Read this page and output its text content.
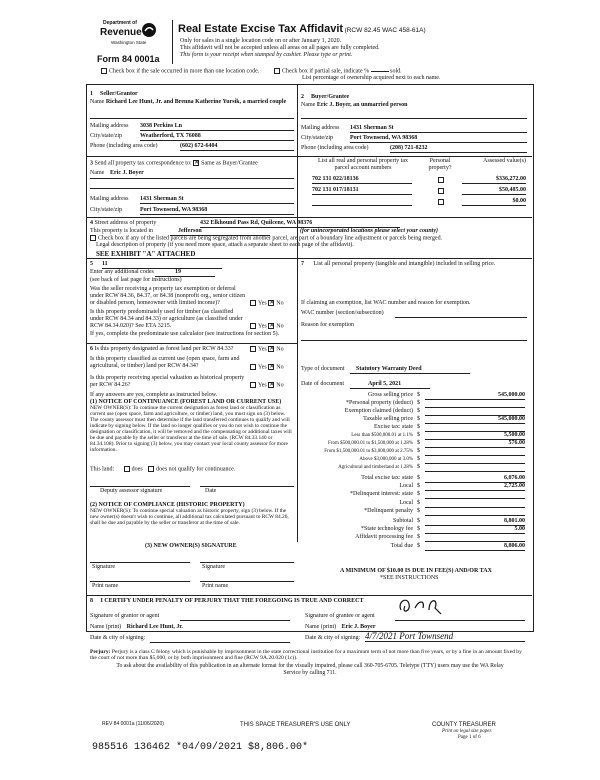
Department of
Revenue
Washington State
Form 84 0001a
Real Estate Excise Tax Affidavit (RCW 82.45 WAC 458-61A)
Only for sales in a single location code on or after January 1, 2020.
This affidavit will not be accepted unless all areas on all pages are fully completed.
This form is your receipt when stamped by cashier. Please type or print.
Check box if the sale occurred in more than one location code.	Check box if partial sale, indicate %	sold.
List percentage of ownership acquired next to each name.
1 Seller/Grantor
Name Richard Lee Hunt, Jr. and Brenna Katherine Yursik, a married couple
Mailing address 3038 Perkins Ln
City/state/zip	Weatherford, TX 76088
Phone (including area code)	(602) 672-6404
2 Buyer/Grantee
Name Eric J. Boyer, an unmarried person
Mailing address 1431 Sherman St
City/state/zip	Port Townsend, WA 98368
Phone (including area code)	(208) 721-8232
3 Send all property tax correspondence to: ✕ Same as Buyer/Grantee
Name Eric J. Boyer
Mailing address 1431 Sherman St
City/state/zip	Port Townsend, WA 98368
List all real and personal property tax parcel account numbers
Personal property?
Assessed value(s)
702 131 022/18136	$336,272.00
702 131 017/18131	$50,485.00
$0.00
4 Street address of property	432 Elkhound Pass Rd, Quilcene, WA 98376
This property is located in	Jefferson	(for unincorporated locations please select your county)
Check box if any of the listed parcels are being segregated from another parcel, are part of a boundary line adjustment or parcels being merged.
Legal description of property (if you need more space, attach a separate sheet to each page of the affidavit).
SEE EXHIBIT "A" ATTACHED
5 11
Enter any additional codes	19
(see back of last page for instructions)
Was the seller receiving a property tax exemption or deferral under RCW 84.36, 84.37, or 84.38 (nonprofit org., senior citizen or disabled person, homeowner with limited income)?	Yes ✕ No
Is this property predominately used for timber (as classified under RCW 84.34 and 84.33) or agriculture (as classified under RCW 84.34.020)? See ETA 3215.	Yes ✕ No
If yes, complete the predominate use calculator (see instructions for section 5).
6 Is this property designated as forest land per RCW 84.33?	Yes ✕ No
Is this property classified as current use (open space, farm and agricultural, or timber) land per RCW 84.34?	Yes ✕ No
Is this property receiving special valuation as historical property per RCW 84.26?	Yes ✕ No
If any answers are yes, complete as instructed below.
(1) NOTICE OF CONTINUANCE (FOREST LAND OR CURRENT USE)
NEW OWNER(S): To continue the current designation as forest land or classification as current use (open space, farm and agriculture, or timber) land, you must sign on (3) below. The county assessor must then determine if the land transferred continues to qualify and will indicate by signing below. If the land no longer qualifies or you do not wish to continue the designation or classification, it will be removed and the compensating or additional taxes will be due and payable by the seller or transferor at the time of sale. (RCW 84.33.140 or 84.34.108). Prior to signing (3) below, you may contact your local county assessor for more information.
This land:	does does not qualify for continuance.
Deputy assessor signature	Date
(2) NOTICE OF COMPLIANCE (HISTORIC PROPERTY)
NEW OWNER(S): To continue special valuation as historic property, sign (3) below. If the new owner(s) doesn't wish to continue, all additional tax calculated pursuant to RCW 84.26, shall be due and payable by the seller or transferor at the time of sale.
(3) NEW OWNER(S) SIGNATURE
Signature	Signature
Print name	Print name
7 List all personal property (tangible and intangible) included in selling price.
If claiming an exemption, list WAC number and reason for exemption.
WAC number (section/subsection)
Reason for exemption
Type of document	Statutory Warranty Deed
Date of document	April 5, 2021
Gross selling price $	545,000.00
*Personal property (deduct) $
Exemption claimed (deduct) $
Taxable selling price $	545,000.00
Excise tax: state $
Less than $500,000.01 at 1.1% $	5,500.00
From $500,000.01 to $1,500,000 at 1.28% $	576.00
From $1,500,000.01 to $3,000,000 at 2.75% $
Above $3,000,000 at 3.0% $
Agricultural and timberland at 1.28% $
Total excise tax: state $	6,076.00
Local $	2,725.00
*Delinquent interest: state $
Local $
*Delinquent penalty $
Subtotal $	8,801.00
*State technology fee $	5.00
Affidavit processing fee $
Total due $	8,806.00
A MINIMUM OF $10.00 IS DUE IN FEE(S) AND/OR TAX
*SEE INSTRUCTIONS
8 I CERTIFY UNDER PENALTY OF PERJURY THAT THE FOREGOING IS TRUE AND CORRECT
Signature of grantor or agent	Signature of grantee or agent
Name (print) Richard Lee Hunt, Jr.	Name (print) Eric J. Boyer
Date & city of signing:	Date & city of signing: 4/7/2021 Port Townsend
Perjury: Perjury is a class C felony which is punishable by imprisonment in the state correctional institution for a maximum term of not more than five years, or by a fine in an amount fixed by the court of not more than $5,000, or by both imprisonment and fine (RCW 9A.20.020 (1c)).
To ask about the availability of this publication in an alternate format for the visually impaired, please call 360-705-6705. Teletype (TTY) users may use the WA Relay Service by calling 711.
REV 84 0001a (11/06/2020)	THIS SPACE TREASURER'S USE ONLY	COUNTY TREASURER
Print on legal size paper.
Page 1 of 6
985516 136462 *04/09/2021 $8,806.00*
